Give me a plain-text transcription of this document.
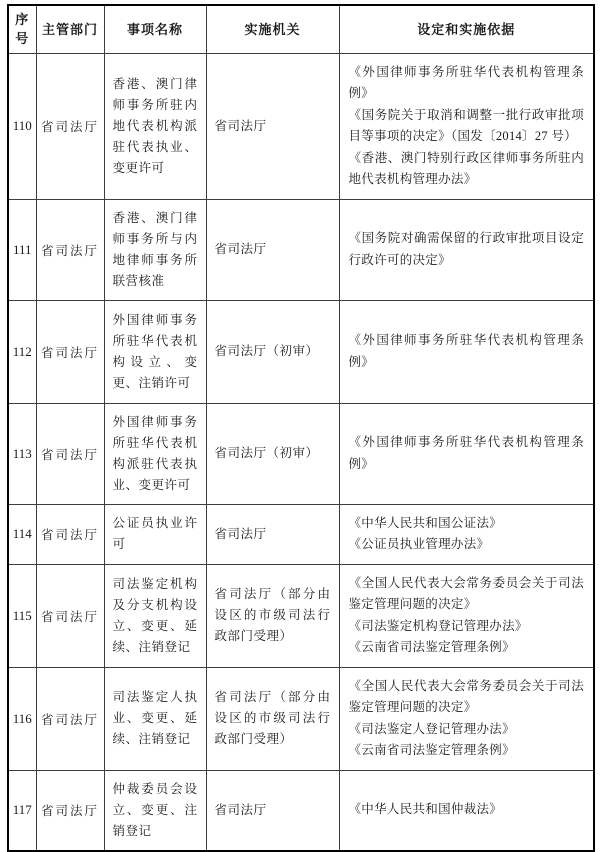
序号	主管部门	事项名称	实施机关	设定和实施依据
110	省司法厅	香港、澳门律师事务所驻内地代表机构派驻代表执业、变更许可	省司法厅	《外国律师事务所驻华代表机构管理条例》
《国务院关于取消和调整一批行政审批项目等事项的决定》（国发〔2014〕27 号）
《香港、澳门特别行政区律师事务所驻内地代表机构管理办法》

111	省司法厅	香港、澳门律师事务所与内地律师事务所联营核准	省司法厅	《国务院对确需保留的行政审批项目设定行政许可的决定》

112	省司法厅	外国律师事务所驻华代表机构设立、变更、注销许可	省司法厅（初审）	《外国律师事务所驻华代表机构管理条例》

113	省司法厅	外国律师事务所驻华代表机构派驻代表执业、变更许可	省司法厅（初审）	《外国律师事务所驻华代表机构管理条例》

114	省司法厅	公证员执业许可	省司法厅	《中华人民共和国公证法》
《公证员执业管理办法》

115	省司法厅	司法鉴定机构及分支机构设立、变更、延续、注销登记	省司法厅（部分由设区的市级司法行政部门受理）	《全国人民代表大会常务委员会关于司法鉴定管理问题的决定》
《司法鉴定机构登记管理办法》
《云南省司法鉴定管理条例》

116	省司法厅	司法鉴定人执业、变更、延续、注销登记	省司法厅（部分由设区的市级司法行政部门受理）	《全国人民代表大会常务委员会关于司法鉴定管理问题的决定》
《司法鉴定人登记管理办法》
《云南省司法鉴定管理条例》

117	省司法厅	仲裁委员会设立、变更、注销登记	省司法厅	《中华人民共和国仲裁法》
